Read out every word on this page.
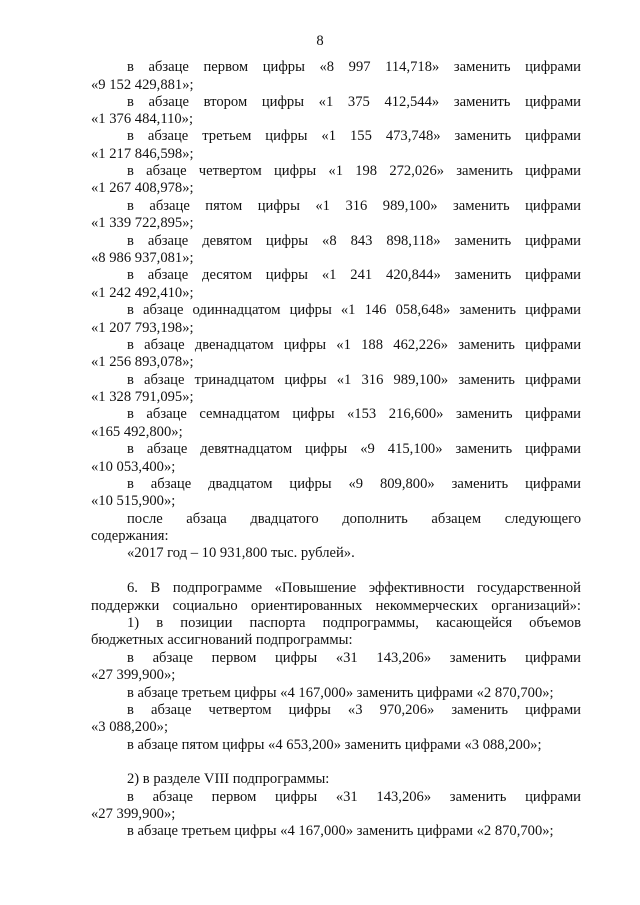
8
в абзаце первом цифры «8 997 114,718» заменить цифрами
«9 152 429,881»;
в абзаце втором цифры «1 375 412,544» заменить цифрами
«1 376 484,110»;
в абзаце третьем цифры «1 155 473,748» заменить цифрами
«1 217 846,598»;
в абзаце четвертом цифры «1 198 272,026» заменить цифрами
«1 267 408,978»;
в абзаце пятом цифры «1 316 989,100» заменить цифрами
«1 339 722,895»;
в абзаце девятом цифры «8 843 898,118» заменить цифрами
«8 986 937,081»;
в абзаце десятом цифры «1 241 420,844» заменить цифрами
«1 242 492,410»;
в абзаце одиннадцатом цифры «1 146 058,648» заменить цифрами
«1 207 793,198»;
в абзаце двенадцатом цифры «1 188 462,226» заменить цифрами
«1 256 893,078»;
в абзаце тринадцатом цифры «1 316 989,100» заменить цифрами
«1 328 791,095»;
в абзаце семнадцатом цифры «153 216,600» заменить цифрами
«165 492,800»;
в абзаце девятнадцатом цифры «9 415,100» заменить цифрами
«10 053,400»;
в абзаце двадцатом цифры «9 809,800» заменить цифрами
«10 515,900»;
после абзаца двадцатого дополнить абзацем следующего
содержания:
«2017 год – 10 931,800 тыс. рублей».
6. В подпрограмме «Повышение эффективности государственной
поддержки социально ориентированных некоммерческих организаций»:
1) в позиции паспорта подпрограммы, касающейся объемов
бюджетных ассигнований подпрограммы:
в абзаце первом цифры «31 143,206» заменить цифрами
«27 399,900»;
в абзаце третьем цифры «4 167,000» заменить цифрами «2 870,700»;
в абзаце четвертом цифры «3 970,206» заменить цифрами
«3 088,200»;
в абзаце пятом цифры «4 653,200» заменить цифрами «3 088,200»;
2) в разделе VIII подпрограммы:
в абзаце первом цифры «31 143,206» заменить цифрами
«27 399,900»;
в абзаце третьем цифры «4 167,000» заменить цифрами «2 870,700»;
